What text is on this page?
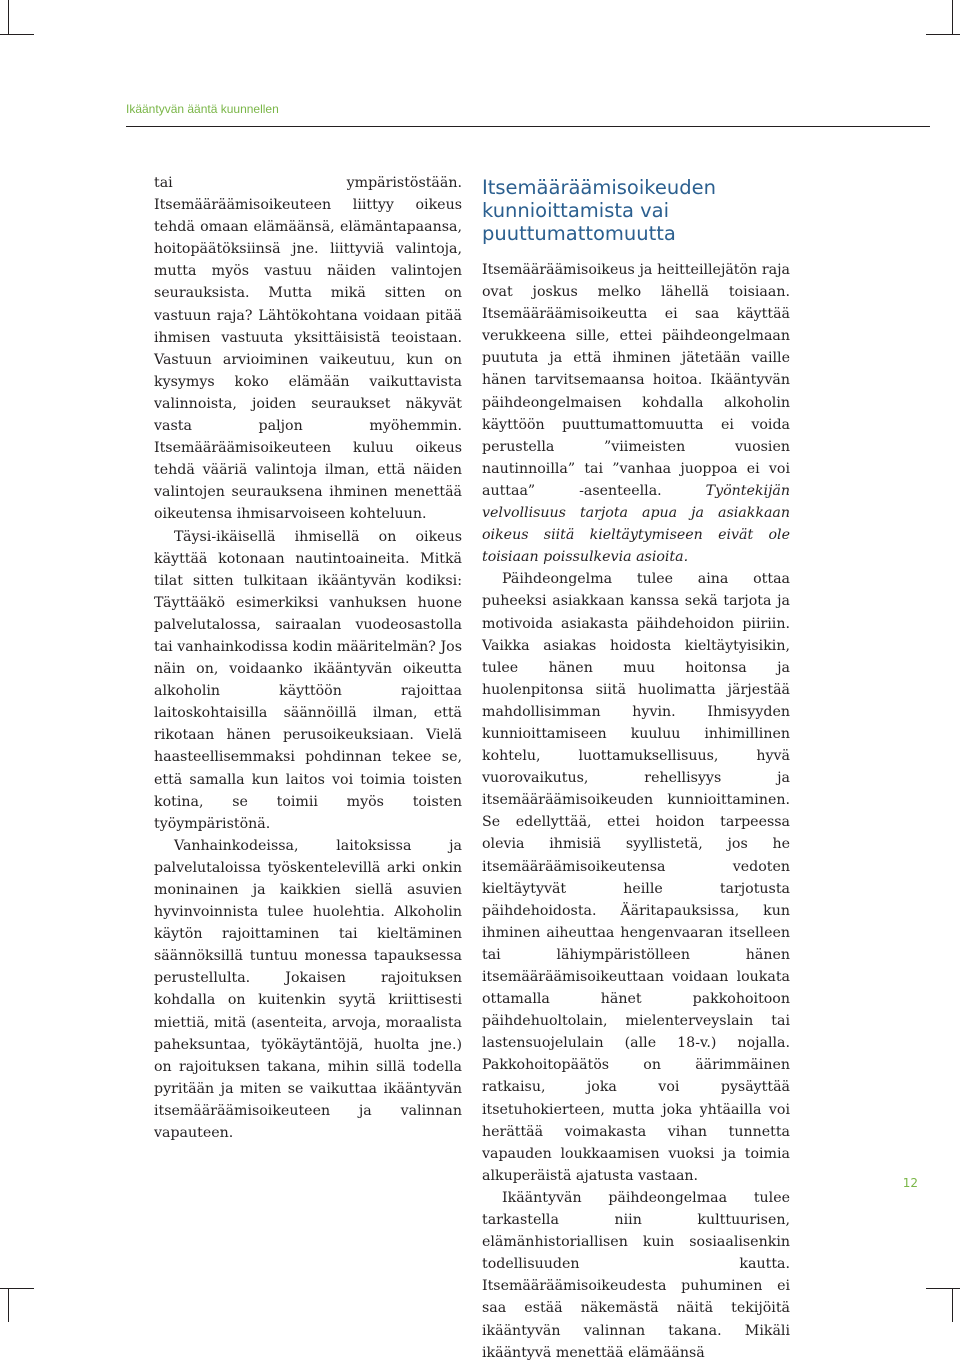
Ikääntyvän ääntä kuunnellen

tai ympäristöstään. Itsemääräämisoikeuteen liittyy oikeus tehdä omaan elämäänsä, elämäntapaansa, hoitopäätöksiinsä jne. liittyviä valintoja, mutta myös vastuu näiden valintojen seurauksista. Mutta mikä sitten on vastuun raja? Lähtökohtana voidaan pitää ihmisen vastuuta yksittäisistä teoistaan. Vastuun arvioiminen vaikeutuu, kun on kysymys koko elämään vaikuttavista valinnoista, joiden seuraukset näkyvät vasta paljon myöhemmin. Itsemääräämisoikeuteen kuluu oikeus tehdä vääriä valintoja ilman, että näiden valintojen seurauksena ihminen menettää oikeutensa ihmisarvoiseen kohteluun.

Täysi-ikäisellä ihmisellä on oikeus käyttää kotonaan nautintoaineita. Mitkä tilat sitten tulkitaan ikääntyvän kodiksi: Täyttääkö esimerkiksi vanhuksen huone palvelutalossa, sairaalan vuodeosastolla tai vanhainkodissa kodin määritelmän? Jos näin on, voidaanko ikääntyvän oikeutta alkoholin käyttöön rajoittaa laitoskohtaisilla säännöillä ilman, että rikotaan hänen perusoikeuksiaan. Vielä haasteellisemmaksi pohdinnan tekee se, että samalla kun laitos voi toimia toisten kotina, se toimii myös toisten työympäristönä.

Vanhainkodeissa, laitoksissa ja palvelutaloissa työskentelevillä arki onkin moninainen ja kaikkien siellä asuvien hyvinvoinnista tulee huolehtia. Alkoholin käytön rajoittaminen tai kieltäminen säännöksillä tuntuu monessa tapauksessa perustellulta. Jokaisen rajoituksen kohdalla on kuitenkin syytä kriittisesti miettiä, mitä (asenteita, arvoja, moraalista paheksuntaa, työkäytäntöjä, huolta jne.) on rajoituksen takana, mihin sillä todella pyritään ja miten se vaikuttaa ikääntyvän itsemääräämisoikeuteen ja valinnan vapauteen.

Itsemääräämisoikeuden kunnioittamista vai puuttumattomuutta

Itsemääräämisoikeus ja heitteillejätön raja ovat joskus melko lähellä toisiaan. Itsemääräämisoikeutta ei saa käyttää verukkeena sille, ettei päihdeongelmaan puututa ja että ihminen jätetään vaille hänen tarvitsemaansa hoitoa. Ikääntyvän päihdeongelmaisen kohdalla alkoholin käyttöön puuttumattomuutta ei voida perustella ”viimeisten vuosien nautinnoilla” tai ”vanhaa juoppoa ei voi auttaa” -asenteella. Työntekijän velvollisuus tarjota apua ja asiakkaan oikeus siitä kieltäytymiseen eivät ole toisiaan poissulkevia asioita.

Päihdeongelma tulee aina ottaa puheeksi asiakkaan kanssa sekä tarjota ja motivoida asiakasta päihdehoidon piiriin. Vaikka asiakas hoidosta kieltäytyisikin, tulee hänen muu hoitonsa ja huolenpitonsa siitä huolimatta järjestää mahdollisimman hyvin. Ihmisyyden kunnioittamiseen kuuluu inhimillinen kohtelu, luottamuksellisuus, hyvä vuorovaikutus, rehellisyys ja itsemääräämisoikeuden kunnioittaminen. Se edellyttää, ettei hoidon tarpeessa olevia ihmisiä syyllistetä, jos he itsemääräämisoikeutensa vedoten kieltäytyvät heille tarjotusta päihdehoidosta. Ääritapauksissa, kun ihminen aiheuttaa hengenvaaran itselleen tai lähiympäristölleen hänen itsemääräämisoikeuttaan voidaan loukata ottamalla hänet pakkohoitoon päihdehuoltolain, mielenterveyslain tai lastensuojelulain (alle 18-v.) nojalla. Pakkohoitopäätös on äärimmäinen ratkaisu, joka voi pysäyttää itsetuhokierteen, mutta joka yhtäailla voi herättää voimakasta vihan tunnetta vapauden loukkaamisen vuoksi ja toimia alkuperäistä ajatusta vastaan.

Ikääntyvän päihdeongelmaa tulee tarkastella niin kulttuurisen, elämänhistoriallisen kuin sosiaalisenkin todellisuuden kautta. Itsemääräämisoikeudesta puhuminen ei saa estää näkemästä näitä tekijöitä ikääntyvän valinnan takana. Mikäli ikääntyvä menettää elämäänsä

12
